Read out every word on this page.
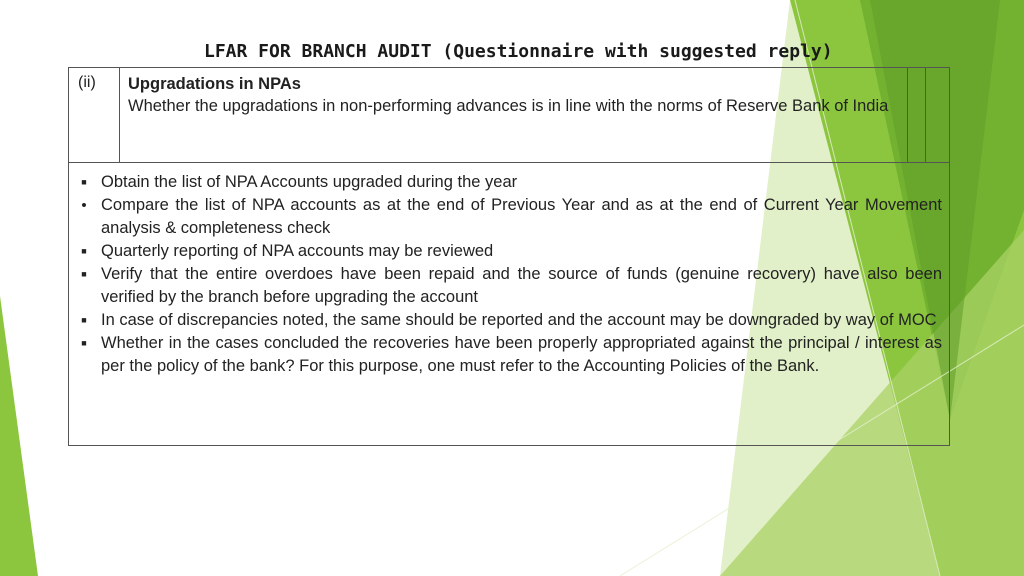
LFAR FOR BRANCH AUDIT (Questionnaire with suggested reply)
(ii)	Upgradations in NPAs
Whether the upgradations in non-performing advances is in line with the norms of Reserve Bank of India
■
Obtain the list of NPA Accounts upgraded during the year
•
Compare the list of NPA accounts as at the end of Previous Year and as at the end of Current Year Movement analysis & completeness check
■
Quarterly reporting of NPA accounts may be reviewed
■
Verify that the entire overdoes have been repaid and the source of funds (genuine recovery) have also been verified by the branch before upgrading the account
■
In case of discrepancies noted, the same should be reported and the account may be downgraded by way of MOC
■
Whether in the cases concluded the recoveries have been properly appropriated against the principal / interest as per the policy of the bank? For this purpose, one must refer to the Accounting Policies of the Bank.
